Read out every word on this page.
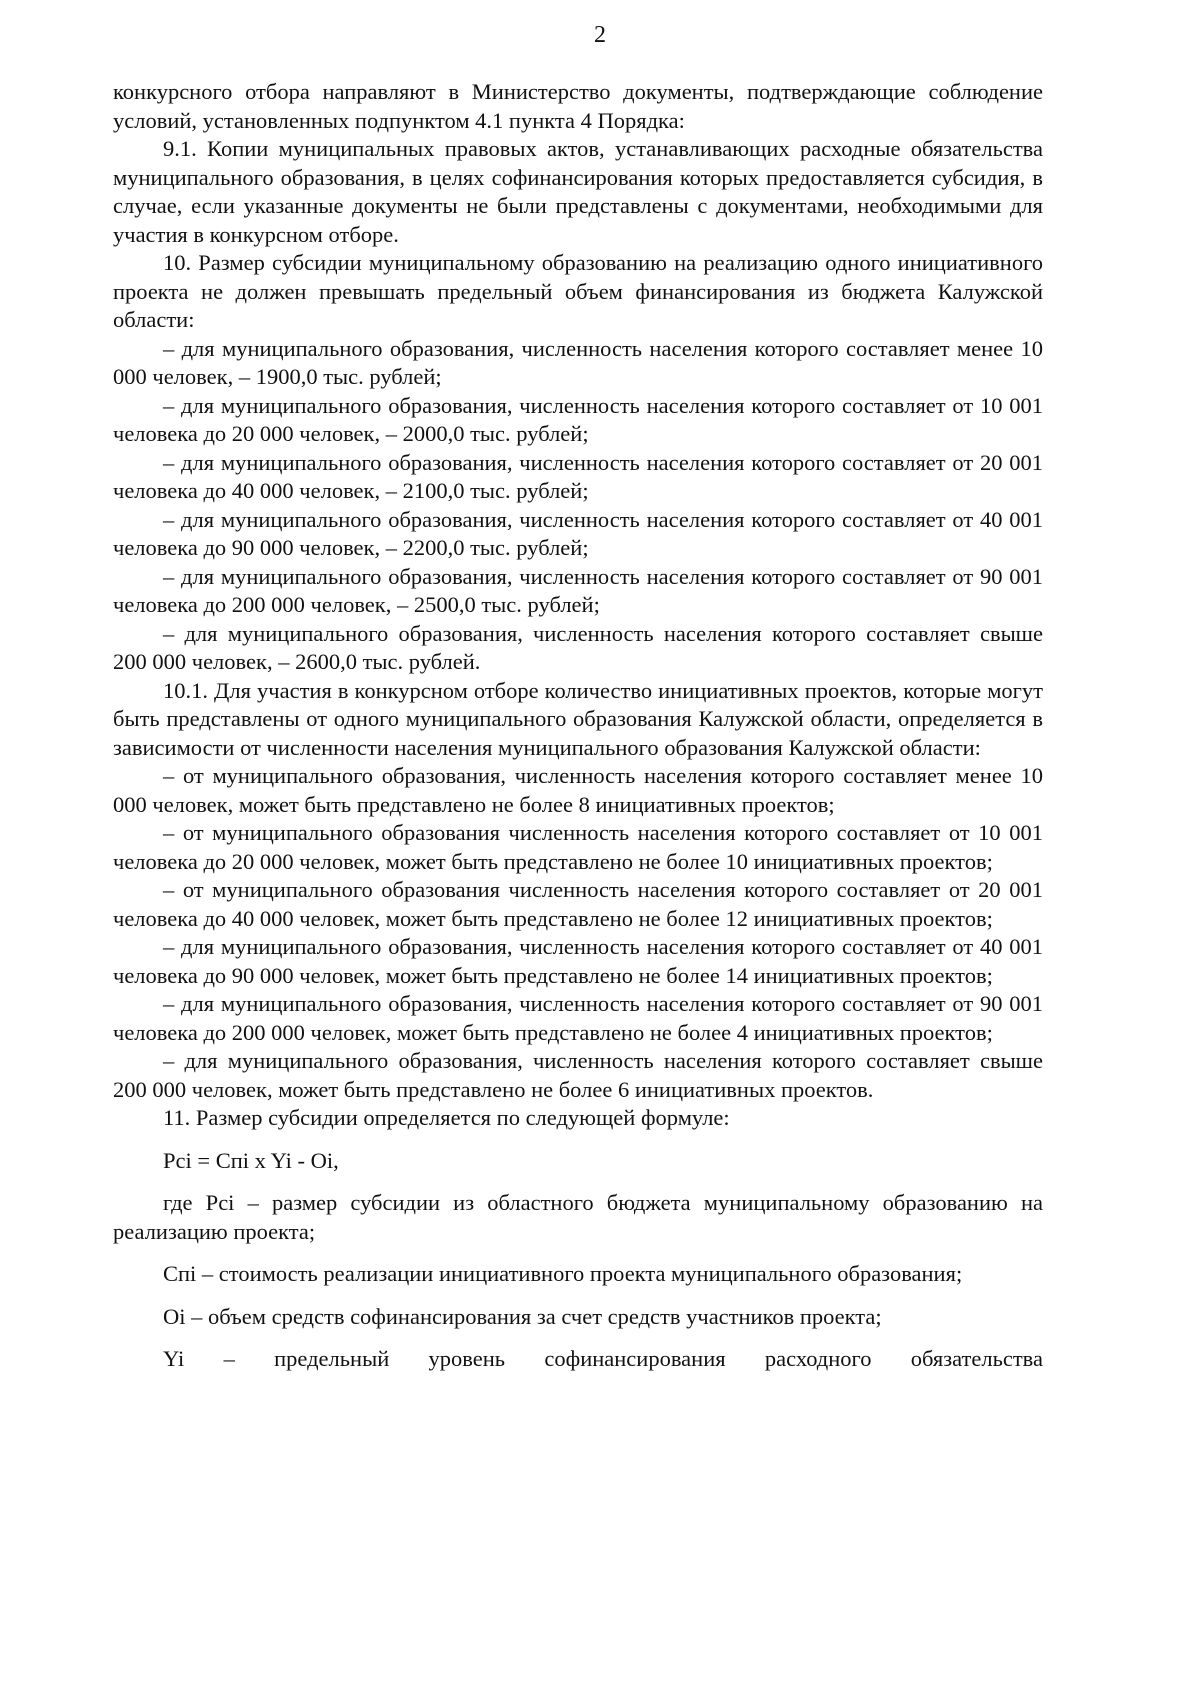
2

конкурсного отбора направляют в Министерство документы, подтверждающие соблюдение условий, установленных подпунктом 4.1 пункта 4 Порядка:

9.1. Копии муниципальных правовых актов, устанавливающих расходные обязательства муниципального образования, в целях софинансирования которых предоставляется субсидия, в случае, если указанные документы не были представлены с документами, необходимыми для участия в конкурсном отборе.

10. Размер субсидии муниципальному образованию на реализацию одного инициативного проекта не должен превышать предельный объем финансирования из бюджета Калужской области:

– для муниципального образования, численность населения которого составляет менее 10 000 человек, – 1900,0 тыс. рублей;

– для муниципального образования, численность населения которого составляет от 10 001 человека до 20 000 человек, – 2000,0 тыс. рублей;

– для муниципального образования, численность населения которого составляет от 20 001 человека до 40 000 человек, – 2100,0 тыс. рублей;

– для муниципального образования, численность населения которого составляет от 40 001 человека до 90 000 человек, – 2200,0 тыс. рублей;

– для муниципального образования, численность населения которого составляет от 90 001 человека до 200 000 человек, – 2500,0 тыс. рублей;

– для муниципального образования, численность населения которого составляет свыше 200 000 человек, – 2600,0 тыс. рублей.

10.1. Для участия в конкурсном отборе количество инициативных проектов, которые могут быть представлены от одного муниципального образования Калужской области, определяется в зависимости от численности населения муниципального образования Калужской области:

– от муниципального образования, численность населения которого составляет менее 10 000 человек, может быть представлено не более 8 инициативных проектов;

– от муниципального образования численность населения которого составляет от 10 001 человека до 20 000 человек, может быть представлено не более 10 инициативных проектов;

– от муниципального образования численность населения которого составляет от 20 001 человека до 40 000 человек, может быть представлено не более 12 инициативных проектов;

– для муниципального образования, численность населения которого составляет от 40 001 человека до 90 000 человек, может быть представлено не более 14 инициативных проектов;

– для муниципального образования, численность населения которого составляет от 90 001 человека до 200 000 человек, может быть представлено не более 4 инициативных проектов;

– для муниципального образования, численность населения которого составляет свыше 200 000 человек, может быть представлено не более 6 инициативных проектов.

11. Размер субсидии определяется по следующей формуле:

Рci = Спi x Yi - Оi,

где Рci – размер субсидии из областного бюджета муниципальному образованию на реализацию проекта;

Спi – стоимость реализации инициативного проекта муниципального образования;

Оi – объем средств софинансирования за счет средств участников проекта;

Yi – предельный уровень софинансирования расходного обязательства
